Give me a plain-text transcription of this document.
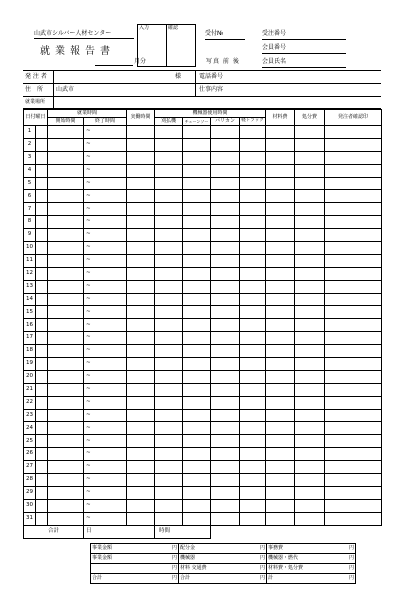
山武市シルバー人材センター
就業報告書
月分
入力	確認
受付№	受注番号
会員番号
写真 前 後	会員氏名
発 注 者	様	電話番号
住　所 山武市	仕事内容
就業場所
日付曜日		就業時間		実働時間	機械器使用時間				材料費	処分費	発注者確認印
		開始時間	終了時間		刈払機	チェーンソー	バリカン	軽トラック			
1			~								
2			~								
3			~								
4			~								
5			~								
6			~								
7			~								
8			~								
9			~								
10			~								
11			~								
12			~								
13			~								
14			~								
15			~								
16			~								
17			~								
18			~								
19			~								
20			~								
21			~								
22			~								
23			~								
24			~								
25			~								
26			~								
27			~								
28			~								
29			~								
30			~								
31			~								
合計			日		時間						
事業金額 円	配分金 円	事務費 円

事業金額 円	機械器 円	機械器・燃代 円

円	材料 交通費 円	材料費・処分費 円

合計 円	合計 円	計 円
